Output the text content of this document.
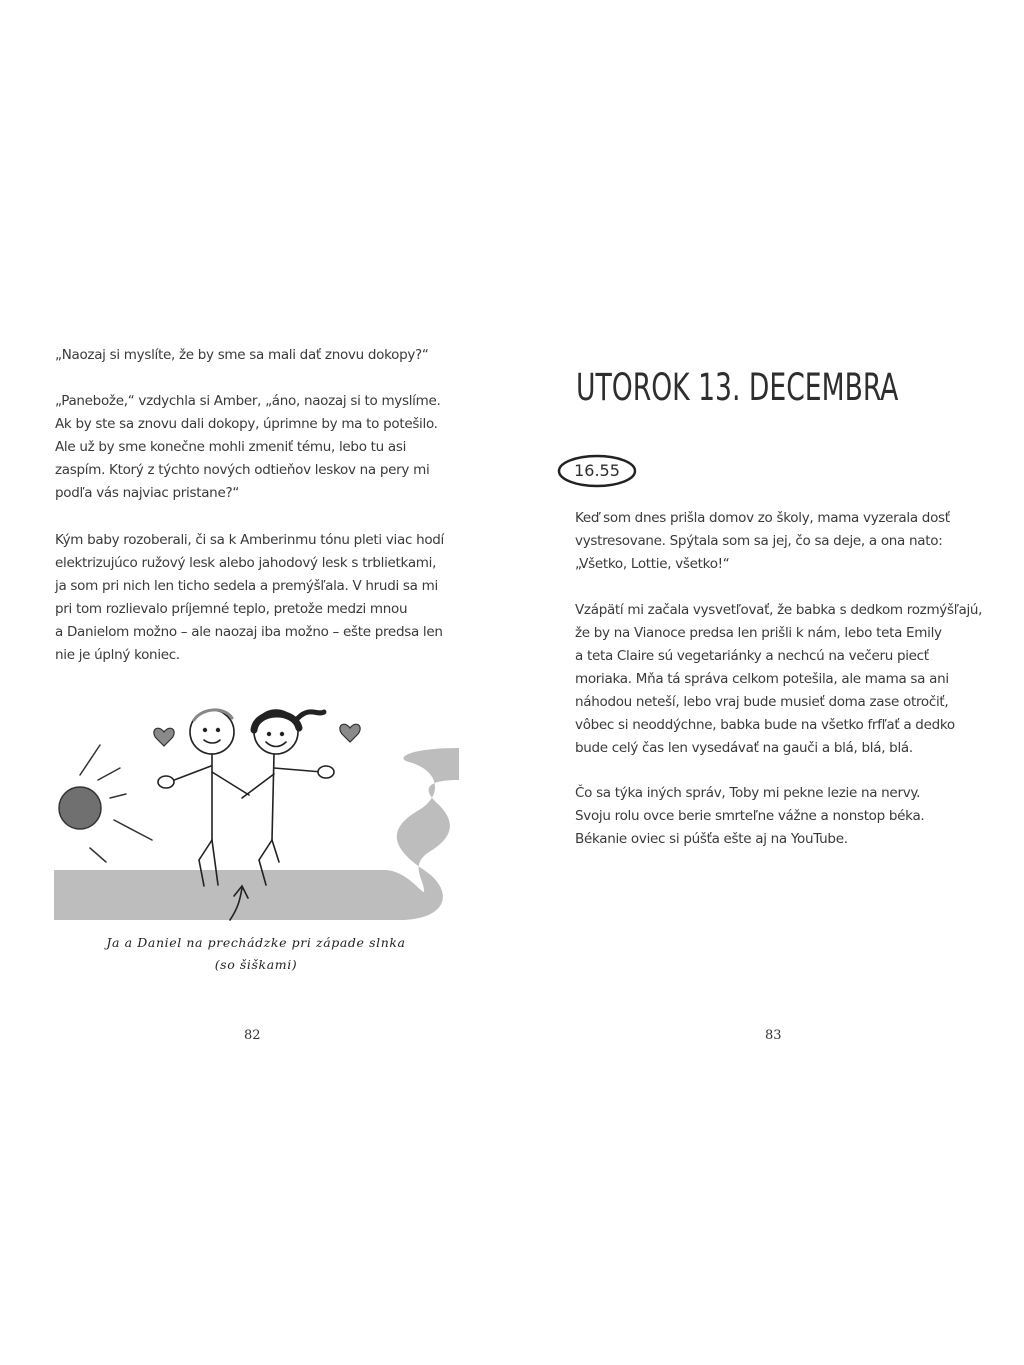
„Naozaj si myslíte, že by sme sa mali dať znovu dokopy?“
„Panebože,“ vzdychla si Amber, „áno, naozaj si to myslíme.
Ak by ste sa znovu dali dokopy, úprimne by ma to potešilo.
Ale už by sme konečne mohli zmeniť tému, lebo tu asi
zaspím. Ktorý z týchto nových odtieňov leskov na pery mi
podľa vás najviac pristane?“
Kým baby rozoberali, či sa k Amberinmu tónu pleti viac hodí
elektrizujúco ružový lesk alebo jahodový lesk s trblietkami,
ja som pri nich len ticho sedela a premýšľala. V hrudi sa mi
pri tom rozlievalo príjemné teplo, pretože medzi mnou
a Danielom možno – ale naozaj iba možno – ešte predsa len
nie je úplný koniec.
Ja a Daniel na prechádzke pri západe slnka
(so šiškami)
82
UTOROK 13. DECEMBRA
16.55
Keď som dnes prišla domov zo školy, mama vyzerala dosť
vystresovane. Spýtala som sa jej, čo sa deje, a ona nato:
„Všetko, Lottie, všetko!“
Vzápätí mi začala vysvetľovať, že babka s dedkom rozmýšľajú,
že by na Vianoce predsa len prišli k nám, lebo teta Emily
a teta Claire sú vegetariánky a nechcú na večeru piecť
moriaka. Mňa tá správa celkom potešila, ale mama sa ani
náhodou neteší, lebo vraj bude musieť doma zase otročiť,
vôbec si neoddýchne, babka bude na všetko frfľať a dedko
bude celý čas len vysedávať na gauči a blá, blá, blá.
Čo sa týka iných správ, Toby mi pekne lezie na nervy.
Svoju rolu ovce berie smrteľne vážne a nonstop béka.
Békanie oviec si púšťa ešte aj na YouTube.
83
